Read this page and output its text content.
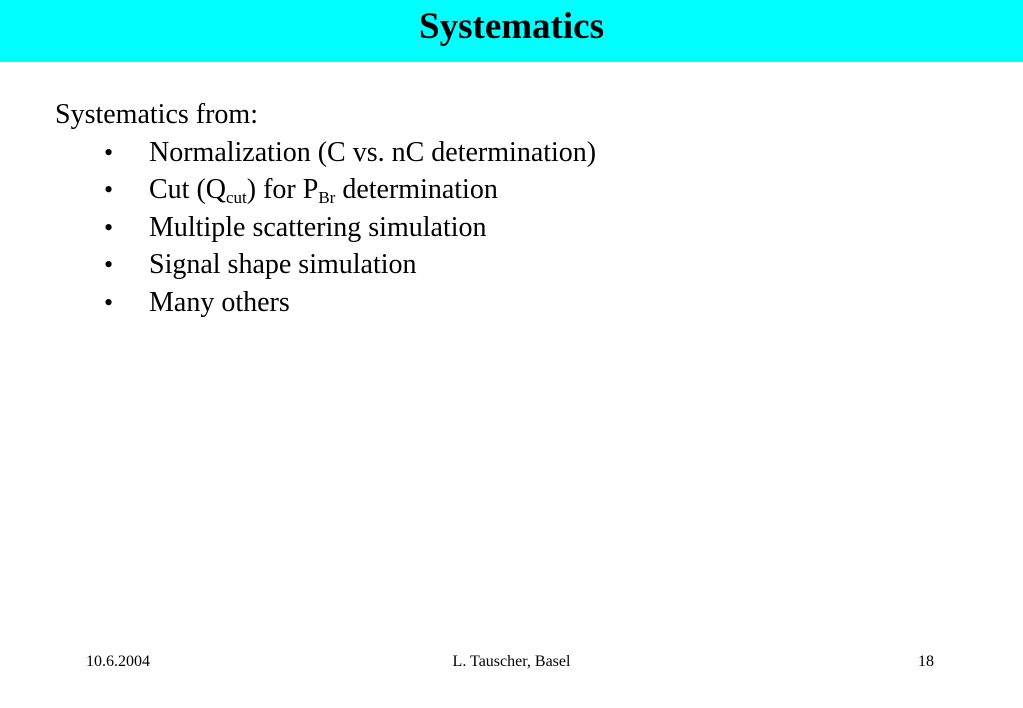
Systematics
Systematics from:
• Normalization (C vs. nC determination)
• Cut $(Q_{cut})$ for $P_{Br}$ determination
• Multiple scattering simulation
• Signal shape simulation
• Many others
10.6.2004	L. Tauscher, Basel	18
